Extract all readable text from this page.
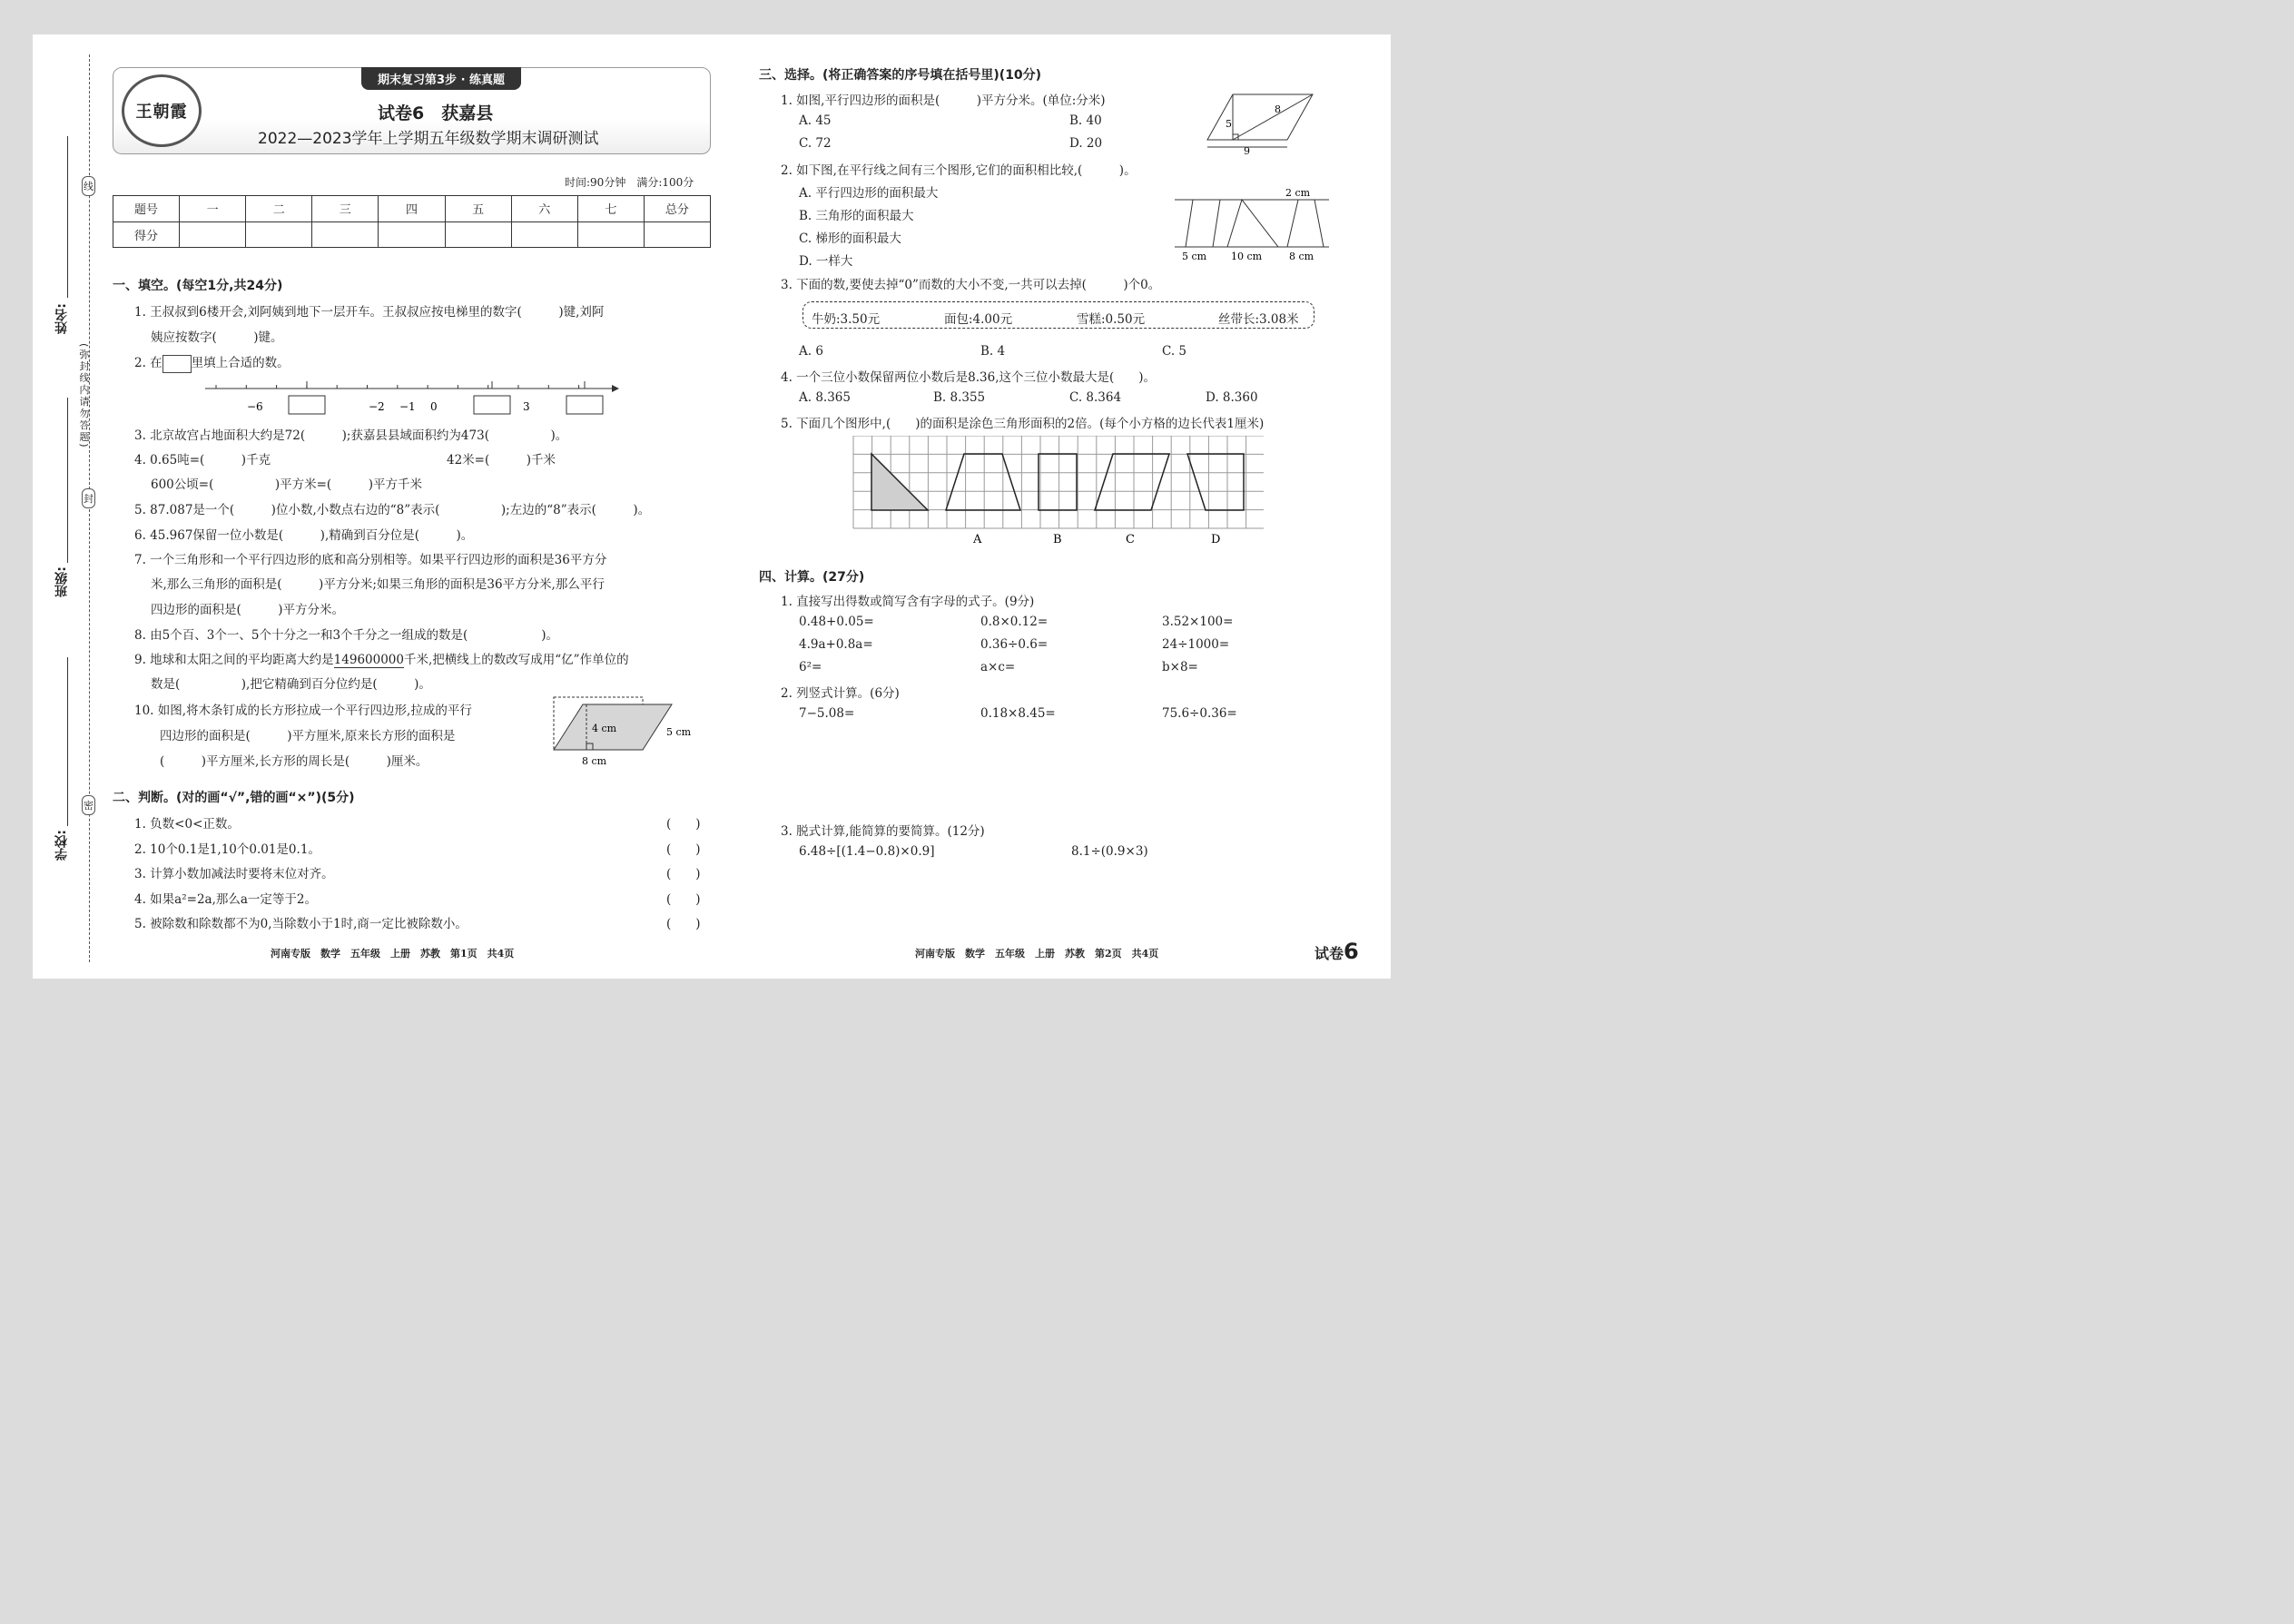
线
封
密
(弥封线内请勿答题)
姓名:
班级:
学校:
王朝霞
期末复习第3步 · 练真题
试卷6　获嘉县
2022—2023学年上学期五年级数学期末调研测试
时间:90分钟　满分:100分
题号	一	二	三	四	五	六	七	总分
得分								
一、填空。(每空1分,共24分)
1. 王叔叔到6楼开会,刘阿姨到地下一层开车。王叔叔应按电梯里的数字(　　　)键,刘阿
姨应按数字(　　　)键。
2. 在 里填上合适的数。
−6	−2 −1 0	3
3. 北京故宫占地面积大约是72(　　　);获嘉县县域面积约为473(　　　　　)。
4. 0.65吨=(　　　)千克	42米=(　　　)千米
600公顷=(　　　　　)平方米=(　　　)平方千米
5. 87.087是一个(　　　)位小数,小数点右边的“8”表示(　　　　　);左边的“8”表示(　　　)。
6. 45.967保留一位小数是(　　　),精确到百分位是(　　　)。
7. 一个三角形和一个平行四边形的底和高分别相等。如果平行四边形的面积是36平方分
米,那么三角形的面积是(　　　)平方分米;如果三角形的面积是36平方分米,那么平行
四边形的面积是(　　　)平方分米。
8. 由5个百、3个一、5个十分之一和3个千分之一组成的数是(　　　　　　)。
9. 地球和太阳之间的平均距离大约是149600000千米,把横线上的数改写成用“亿”作单位的
数是(　　　　　),把它精确到百分位约是(　　　)。
10. 如图,将木条钉成的长方形拉成一个平行四边形,拉成的平行
四边形的面积是(　　　)平方厘米,原来长方形的面积是
(　　　)平方厘米,长方形的周长是(　　　)厘米。
4 cm	5 cm
8 cm
二、判断。(对的画“√”,错的画“×”)(5分)
1. 负数<0<正数。	(　　)
2. 10个0.1是1,10个0.01是0.1。	(　　)
3. 计算小数加减法时要将末位对齐。	(　　)
4. 如果a²=2a,那么a一定等于2。	(　　)
5. 被除数和除数都不为0,当除数小于1时,商一定比被除数小。	(　　)
三、选择。(将正确答案的序号填在括号里)(10分)
1. 如图,平行四边形的面积是(　　　)平方分米。(单位:分米)
A. 45	B. 40
C. 72	D. 20
5
8
9
2. 如下图,在平行线之间有三个图形,它们的面积相比较,(　　　)。
A. 平行四边形的面积最大
B. 三角形的面积最大
C. 梯形的面积最大
D. 一样大
2 cm
5 cm 10 cm	8 cm
3. 下面的数,要使去掉“0”而数的大小不变,一共可以去掉(　　　)个0。
牛奶:3.50元	面包:4.00元	雪糕:0.50元	丝带长:3.08米
A. 6	B. 4	C. 5
4. 一个三位小数保留两位小数后是8.36,这个三位小数最大是(　　)。
A. 8.365	B. 8.355	C. 8.364	D. 8.360
5. 下面几个图形中,(　　)的面积是涂色三角形面积的2倍。(每个小方格的边长代表1厘米)
A	B	C	D
四、计算。(27分)
1. 直接写出得数或简写含有字母的式子。(9分)
0.48+0.05=	0.8×0.12=	3.52×100=
4.9a+0.8a=	0.36÷0.6=	24÷1000=
6²=	a×c=	b×8=
2. 列竖式计算。(6分)
7−5.08=	0.18×8.45=	75.6÷0.36=
3. 脱式计算,能简算的要简算。(12分)
6.48÷[(1.4−0.8)×0.9]	8.1÷(0.9×3)
河南专版　数学　五年级　上册　苏教　第1页　共4页	河南专版　数学　五年级　上册　苏教　第2页　共4页	试卷6
